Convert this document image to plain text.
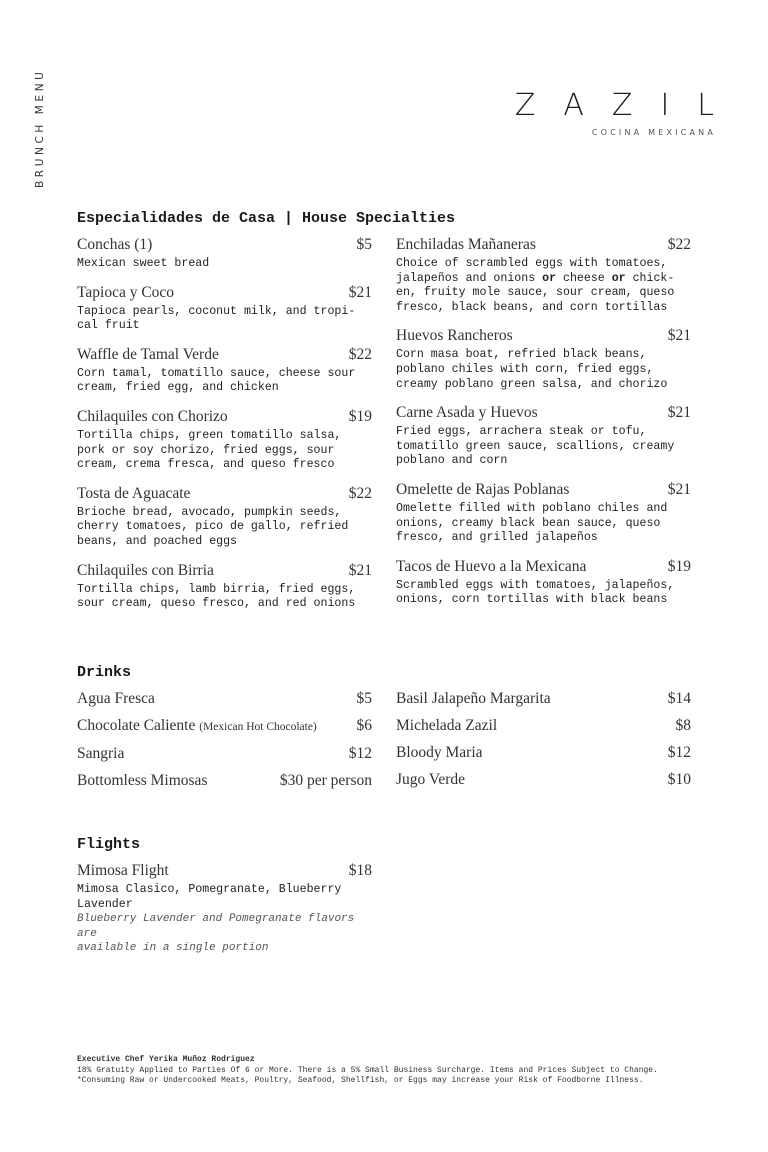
BRUNCH MENU	ZAZIL
COCINA MEXICANA
Especialidades de Casa | House Specialties
Conchas (1)	$5
Mexican sweet bread
Tapioca y Coco	$21
Tapioca pearls, coconut milk, and tropi-
cal fruit
Waffle de Tamal Verde	$22
Corn tamal, tomatillo sauce, cheese sour
cream, fried egg, and chicken
Chilaquiles con Chorizo	$19
Tortilla chips, green tomatillo salsa,
pork or soy chorizo, fried eggs, sour
cream, crema fresca, and queso fresco
Tosta de Aguacate	$22
Brioche bread, avocado, pumpkin seeds,
cherry tomatoes, pico de gallo, refried
beans, and poached eggs
Chilaquiles con Birria	$21
Tortilla chips, lamb birria, fried eggs,
sour cream, queso fresco, and red onions
Enchiladas Mañaneras	$22
Choice of scrambled eggs with tomatoes,
jalapeños and onions or cheese or chick-
en, fruity mole sauce, sour cream, queso
fresco, black beans, and corn tortillas
Huevos Rancheros	$21
Corn masa boat, refried black beans,
poblano chiles with corn, fried eggs,
creamy poblano green salsa, and chorizo
Carne Asada y Huevos	$21
Fried eggs, arrachera steak or tofu,
tomatillo green sauce, scallions, creamy
poblano and corn
Omelette de Rajas Poblanas	$21
Omelette filled with poblano chiles and
onions, creamy black bean sauce, queso
fresco, and grilled jalapeños
Tacos de Huevo a la Mexicana	$19
Scrambled eggs with tomatoes, jalapeños,
onions, corn tortillas with black beans
Drinks
Agua Fresca	$5
Chocolate Caliente (Mexican Hot Chocolate)	$6
Sangria	$12
Bottomless Mimosas	$30 per person
Basil Jalapeño Margarita	$14
Michelada Zazil	$8
Bloody Maria	$12
Jugo Verde	$10
Flights
Mimosa Flight	$18
Mimosa Clasico, Pomegranate, Blueberry
Lavender
Blueberry Lavender and Pomegranate flavors are
available in a single portion
Executive Chef Yerika Muñoz Rodriguez
18% Gratuity Applied to Parties Of 6 or More. There is a 5% Small Business Surcharge. Items and Prices Subject to Change.
*Consuming Raw or Undercooked Meats, Poultry, Seafood, Shellfish, or Eggs may increase your Risk of Foodborne Illness.
